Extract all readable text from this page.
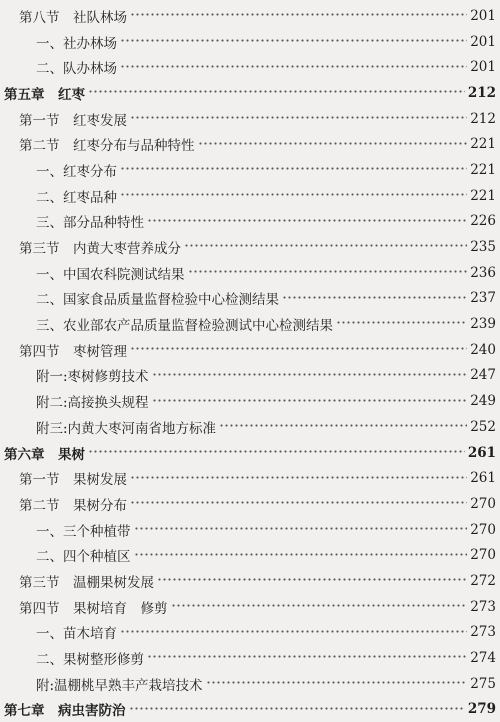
第八节　社队林场	201
一、社办林场	201
二、队办林场	201
第五章　红枣	212
第一节　红枣发展	212
第二节　红枣分布与品种特性	221
一、红枣分布	221
二、红枣品种	221
三、部分品种特性	226
第三节　内黄大枣营养成分	235
一、中国农科院测试结果	236
二、国家食品质量监督检验中心检测结果	237
三、农业部农产品质量监督检验测试中心检测结果	239
第四节　枣树管理	240
附一:枣树修剪技术	247
附二:高接换头规程	249
附三:内黄大枣河南省地方标准	252
第六章　果树	261
第一节　果树发展	261
第二节　果树分布	270
一、三个种植带	270
二、四个种植区	270
第三节　温棚果树发展	272
第四节　果树培育　修剪	273
一、苗木培育	273
二、果树整形修剪	274
附:温棚桃早熟丰产栽培技术	275
第七章　病虫害防治	279
